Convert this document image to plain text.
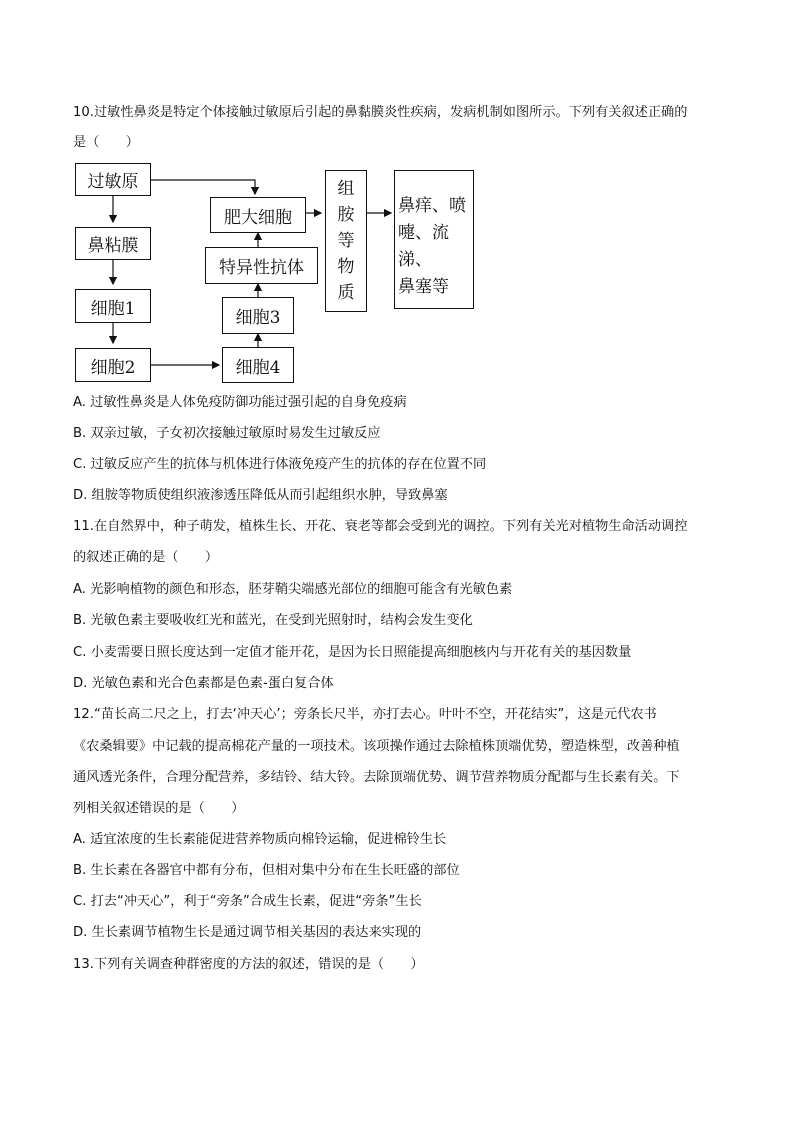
10.过敏性鼻炎是特定个体接触过敏原后引起的鼻黏膜炎性疾病，发病机制如图所示。下列有关叙述正确的
是（　　）
过敏原
鼻粘膜
细胞1
细胞2
细胞3
细胞4
特异性抗体
肥大细胞
组
胺
等
物
质
鼻痒、喷
嚏、流涕、
鼻塞等
A. 过敏性鼻炎是人体免疫防御功能过强引起的自身免疫病
B. 双亲过敏，子女初次接触过敏原时易发生过敏反应
C. 过敏反应产生的抗体与机体进行体液免疫产生的抗体的存在位置不同
D. 组胺等物质使组织液渗透压降低从而引起组织水肿，导致鼻塞
11.在自然界中，种子萌发，植株生长、开花、衰老等都会受到光的调控。下列有关光对植物生命活动调控
的叙述正确的是（　　）
A. 光影响植物的颜色和形态，胚芽鞘尖端感光部位的细胞可能含有光敏色素
B. 光敏色素主要吸收红光和蓝光，在受到光照射时，结构会发生变化
C. 小麦需要日照长度达到一定值才能开花，是因为长日照能提高细胞核内与开花有关的基因数量
D. 光敏色素和光合色素都是色素-蛋白复合体
12.“苗长高二尺之上，打去‘冲天心’；旁条长尺半，亦打去心。叶叶不空，开花结实”，这是元代农书
《农桑辑要》中记载的提高棉花产量的一项技术。该项操作通过去除植株顶端优势，塑造株型，改善种植
通风透光条件，合理分配营养，多结铃、结大铃。去除顶端优势、调节营养物质分配都与生长素有关。下
列相关叙述错误的是（　　）
A. 适宜浓度的生长素能促进营养物质向棉铃运输，促进棉铃生长
B. 生长素在各器官中都有分布，但相对集中分布在生长旺盛的部位
C. 打去“冲天心”，利于“旁条”合成生长素，促进“旁条”生长
D. 生长素调节植物生长是通过调节相关基因的表达来实现的
13.下列有关调查种群密度的方法的叙述，错误的是（　　）
